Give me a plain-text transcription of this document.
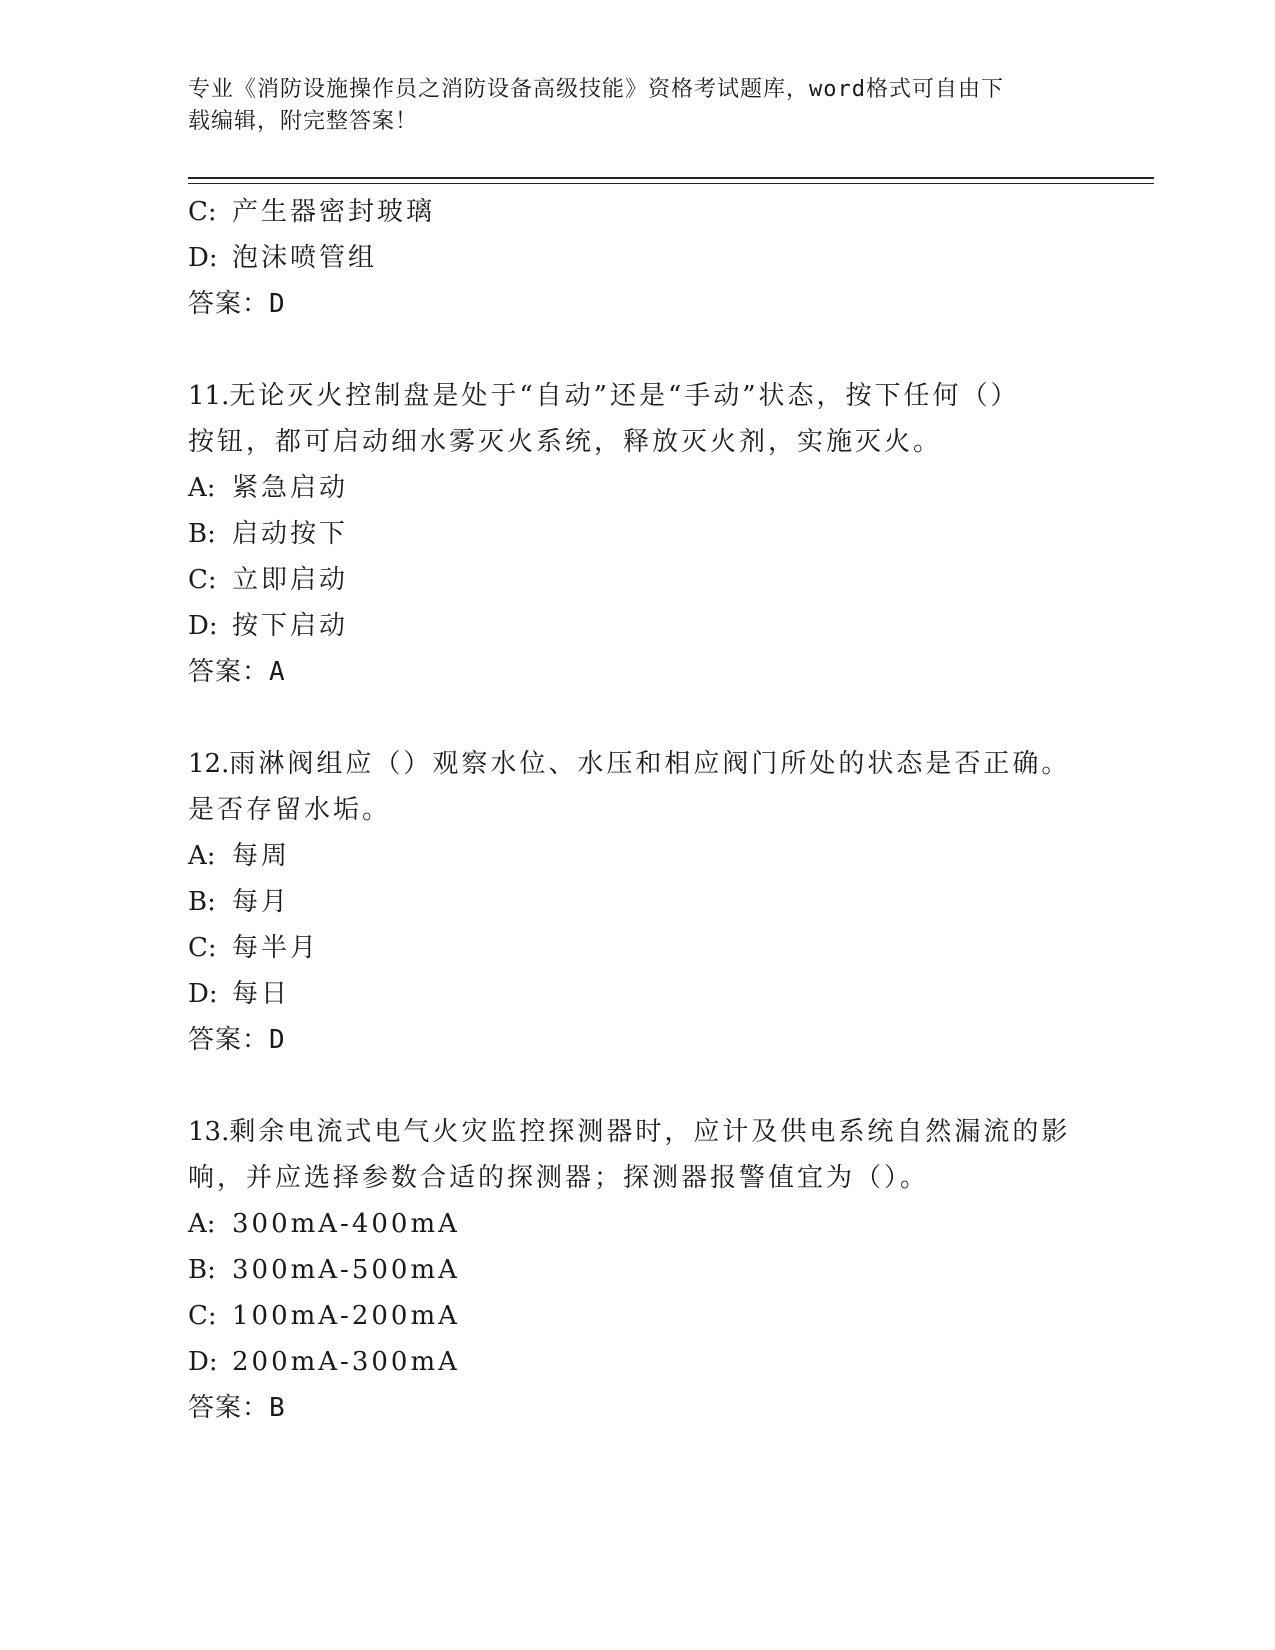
专业《消防设施操作员之消防设备高级技能》资格考试题库，word格式可自由下
载编辑，附完整答案！
C: 产生器密封玻璃
D: 泡沫喷管组
答案：D
11.无论灭火控制盘是处于“自动”还是“手动”状态，按下任何（）
按钮，都可启动细水雾灭火系统，释放灭火剂，实施灭火。
A: 紧急启动
B: 启动按下
C: 立即启动
D: 按下启动
答案：A
12.雨淋阀组应（）观察水位、水压和相应阀门所处的状态是否正确。
是否存留水垢。
A: 每周
B: 每月
C: 每半月
D: 每日
答案：D
13.剩余电流式电气火灾监控探测器时，应计及供电系统自然漏流的影
响，并应选择参数合适的探测器；探测器报警值宜为（）。
A: 300mA-400mA
B: 300mA-500mA
C: 100mA-200mA
D: 200mA-300mA
答案：B
